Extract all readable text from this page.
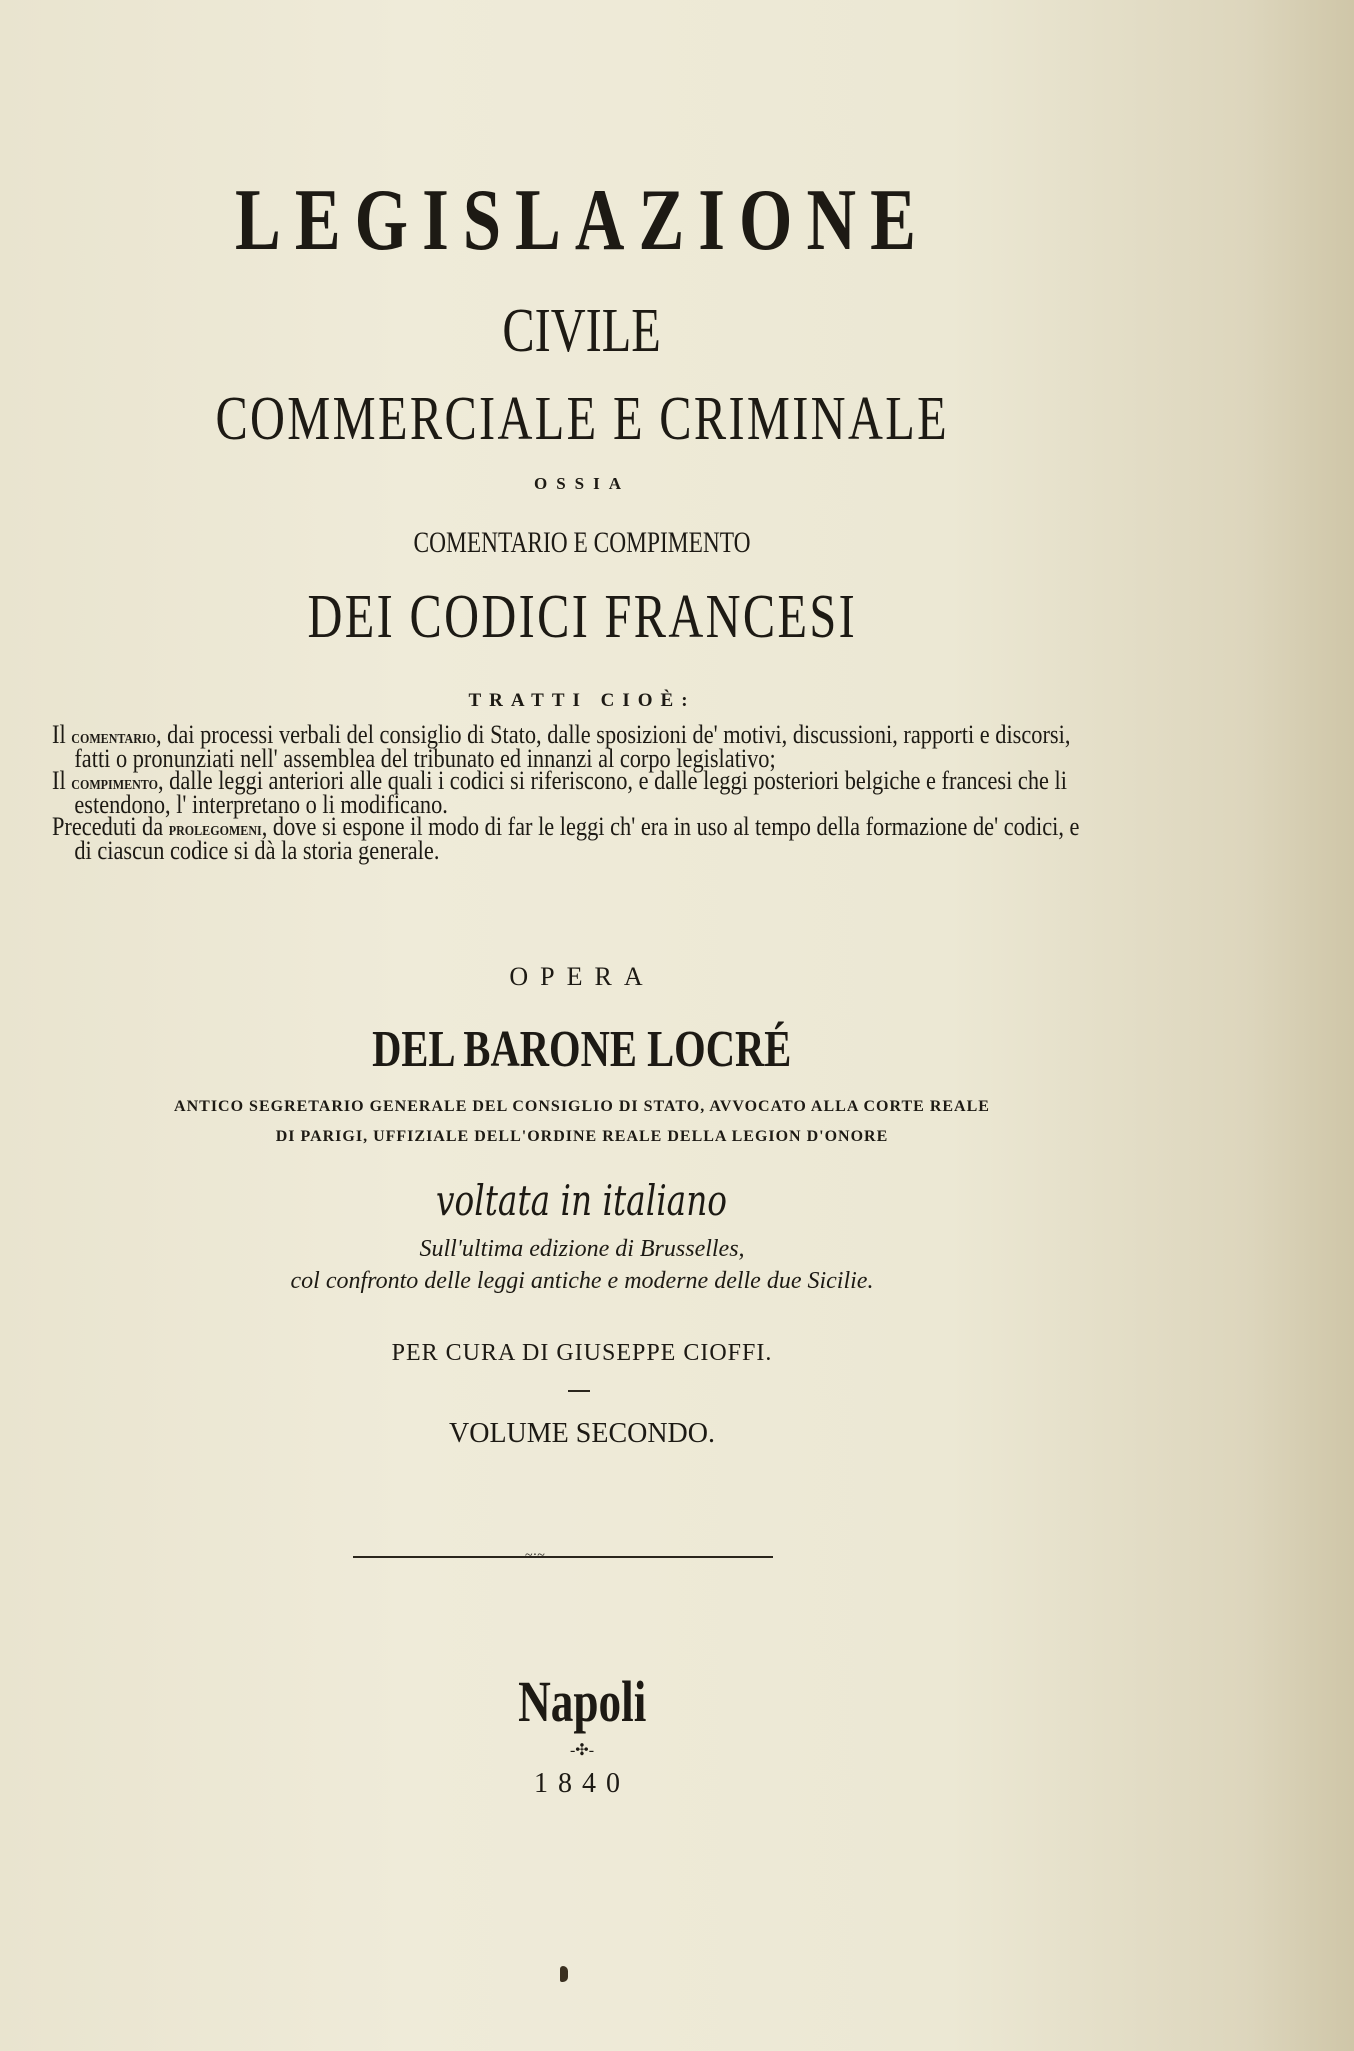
LEGISLAZIONE
CIVILE
COMMERCIALE E CRIMINALE
OSSIA
COMENTARIO E COMPIMENTO
DEI CODICI FRANCESI
TRATTI CIOÈ:

Il comentario, dai processi verbali del consiglio di Stato, dalle sposizioni de' motivi, discussioni, rapporti e discorsi, fatti o pronunziati nell' assemblea del tribunato ed innanzi al corpo legislativo;

Il compimento, dalle leggi anteriori alle quali i codici si riferiscono, e dalle leggi posteriori belgiche e francesi che li estendono, l' interpretano o li modificano.

Preceduti da prolegomeni, dove si espone il modo di far le leggi ch' era in uso al tempo della formazione de' codici, e di ciascun codice si dà la storia generale.

OPERA
DEL BARONE LOCRÉ
ANTICO SEGRETARIO GENERALE DEL CONSIGLIO DI STATO, AVVOCATO ALLA CORTE REALE
DI PARIGI, UFFIZIALE DELL'ORDINE REALE DELLA LEGION D'ONORE
voltata in italiano
Sull'ultima edizione di Brusselles,
col confronto delle leggi antiche e moderne delle due Sicilie.
PER CURA DI GIUSEPPE CIOFFI.
VOLUME SECONDO.
~·~
Napoli
-✣-
1840
